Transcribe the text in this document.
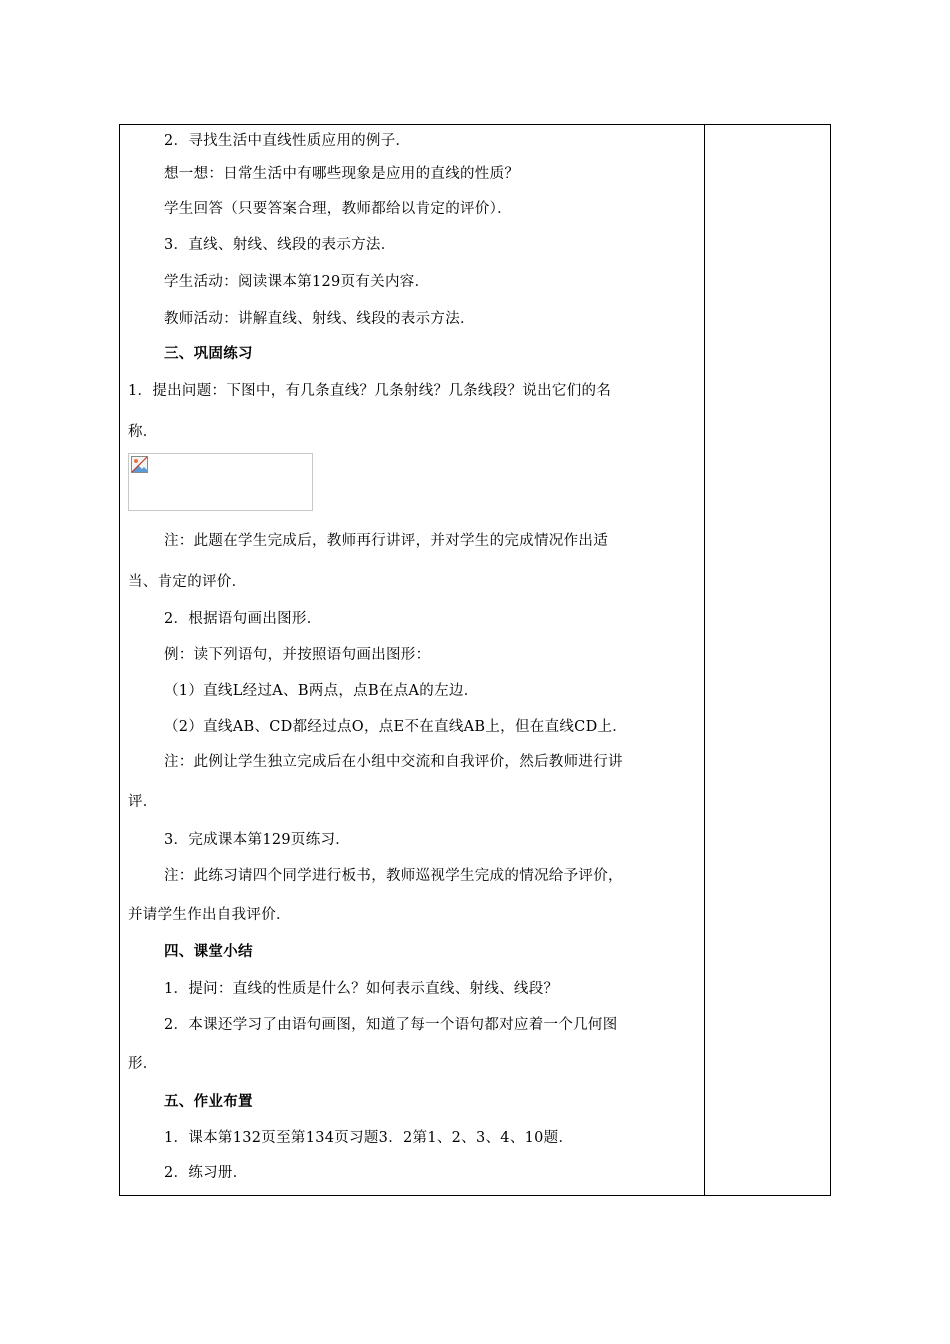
2．寻找生活中直线性质应用的例子．
想一想：日常生活中有哪些现象是应用的直线的性质？
学生回答（只要答案合理，教师都给以肯定的评价）．
3．直线、射线、线段的表示方法．
学生活动：阅读课本第129页有关内容．
教师活动：讲解直线、射线、线段的表示方法．
三、巩固练习
1．提出问题：下图中，有几条直线？几条射线？几条线段？说出它们的名
称．
注：此题在学生完成后，教师再行讲评，并对学生的完成情况作出适
当、肯定的评价．
2．根据语句画出图形．
例：读下列语句，并按照语句画出图形：
（1）直线L经过A、B两点，点B在点A的左边．
（2）直线AB、CD都经过点O，点E不在直线AB上，但在直线CD上．
注：此例让学生独立完成后在小组中交流和自我评价，然后教师进行讲
评．
3．完成课本第129页练习．
注：此练习请四个同学进行板书，教师巡视学生完成的情况给予评价，
并请学生作出自我评价．
四、课堂小结
1．提问：直线的性质是什么？如何表示直线、射线、线段？
2．本课还学习了由语句画图，知道了每一个语句都对应着一个几何图
形．
五、作业布置
1．课本第132页至第134页习题3．2第1、2、3、4、10题．
2．练习册．
